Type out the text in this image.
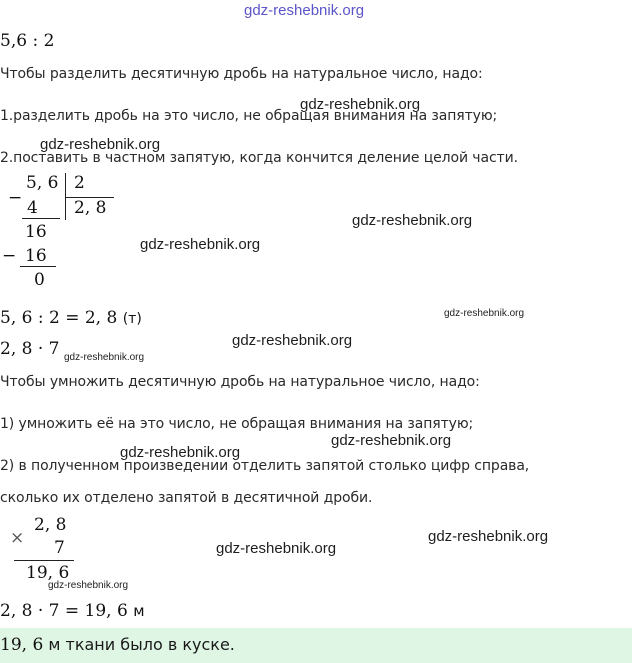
gdz-reshebnik.org
5,6 : 2
Чтобы разделить десятичную дробь на натуральное число, надо:
1.разделить дробь на это число, не обращая внимания на запятую;
2.поставить в частном запятую, когда кончится деление целой части.
−
5, 6 2
4 2, 8
16
− 16
0
5, 6 : 2 = 2, 8 (т)
2, 8 · 7
Чтобы умножить десятичную дробь на натуральное число, надо:
1) умножить её на это число, не обращая внимания на запятую;
2) в полученном произведении отделить запятой столько цифр справа,
сколько их отделено запятой в десятичной дроби.
×
2, 8
7
19, 6
2, 8 · 7 = 19, 6 м
19, 6 м ткани было в куске.
gdz-reshebnik.org
gdz-reshebnik.org
gdz-reshebnik.org
gdz-reshebnik.org
gdz-reshebnik.org
gdz-reshebnik.org
gdz-reshebnik.org
gdz-reshebnik.org
gdz-reshebnik.org
gdz-reshebnik.org
gdz-reshebnik.org
gdz-reshebnik.org
